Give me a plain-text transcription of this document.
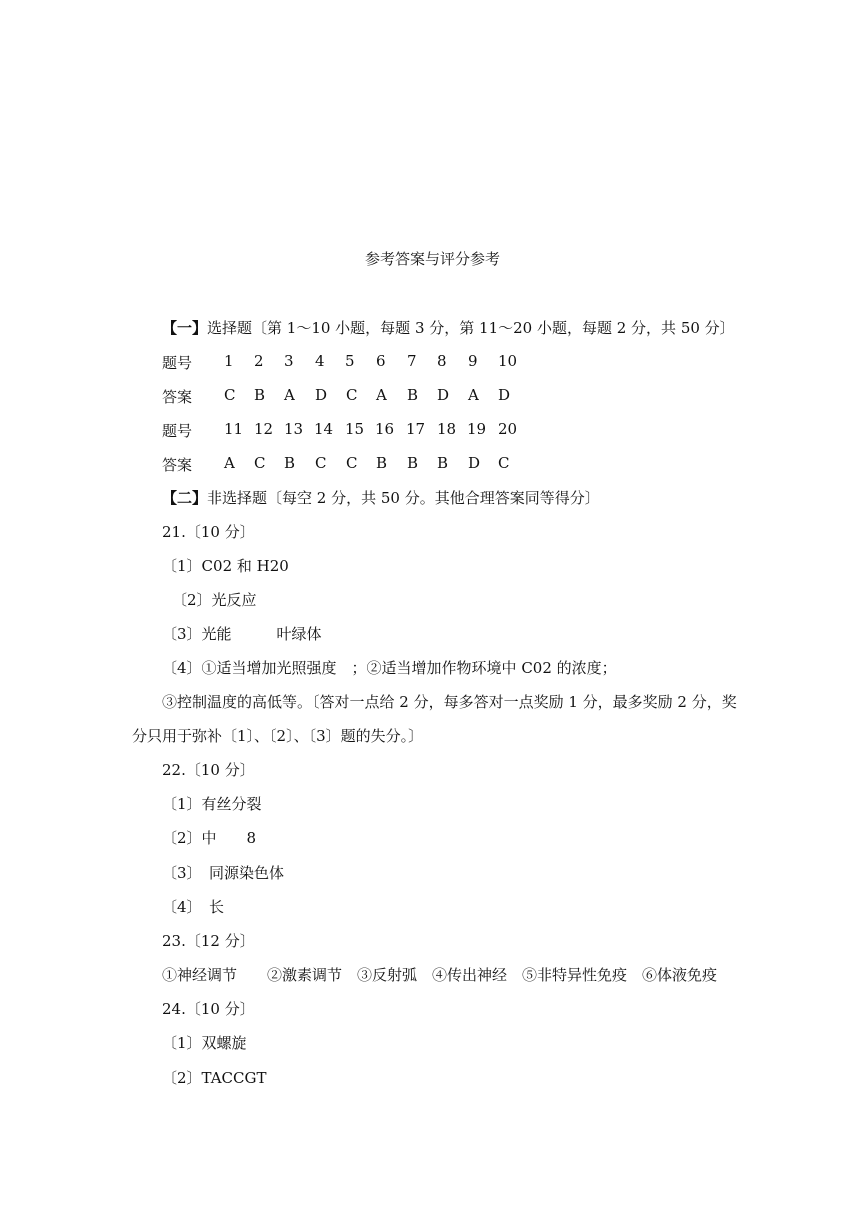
参考答案与评分参考
【一】选择题〔第 1～10 小题，每题 3 分，第 11～20 小题，每题 2 分，共 50 分〕
题号 1 2 3 4 5 6 7 8 9 10
答案 C B A D C A B D A D
题号 11 12 13 14 15 16 17 18 19 20
答案 A C B C C B B B D C
【二】非选择题〔每空 2 分，共 50 分。其他合理答案同等得分〕
21.〔10 分〕
〔1〕C02 和 H20
〔2〕光反应
〔3〕光能　　　叶绿体
〔4〕①适当增加光照强度　；②适当增加作物环境中 C02 的浓度；
③控制温度的高低等。〔答对一点给 2 分，每多答对一点奖励 1 分，最多奖励 2 分，奖
分只用于弥补〔1〕、〔2〕、〔3〕题的失分。〕
22.〔10 分〕
〔1〕有丝分裂
〔2〕中　　8
〔3〕　同源染色体
〔4〕　长
23.〔12 分〕
①神经调节　　②激素调节　③反射弧　④传出神经　⑤非特异性免疫　⑥体液免疫
24.〔10 分〕
〔1〕双螺旋
〔2〕TACCGT
